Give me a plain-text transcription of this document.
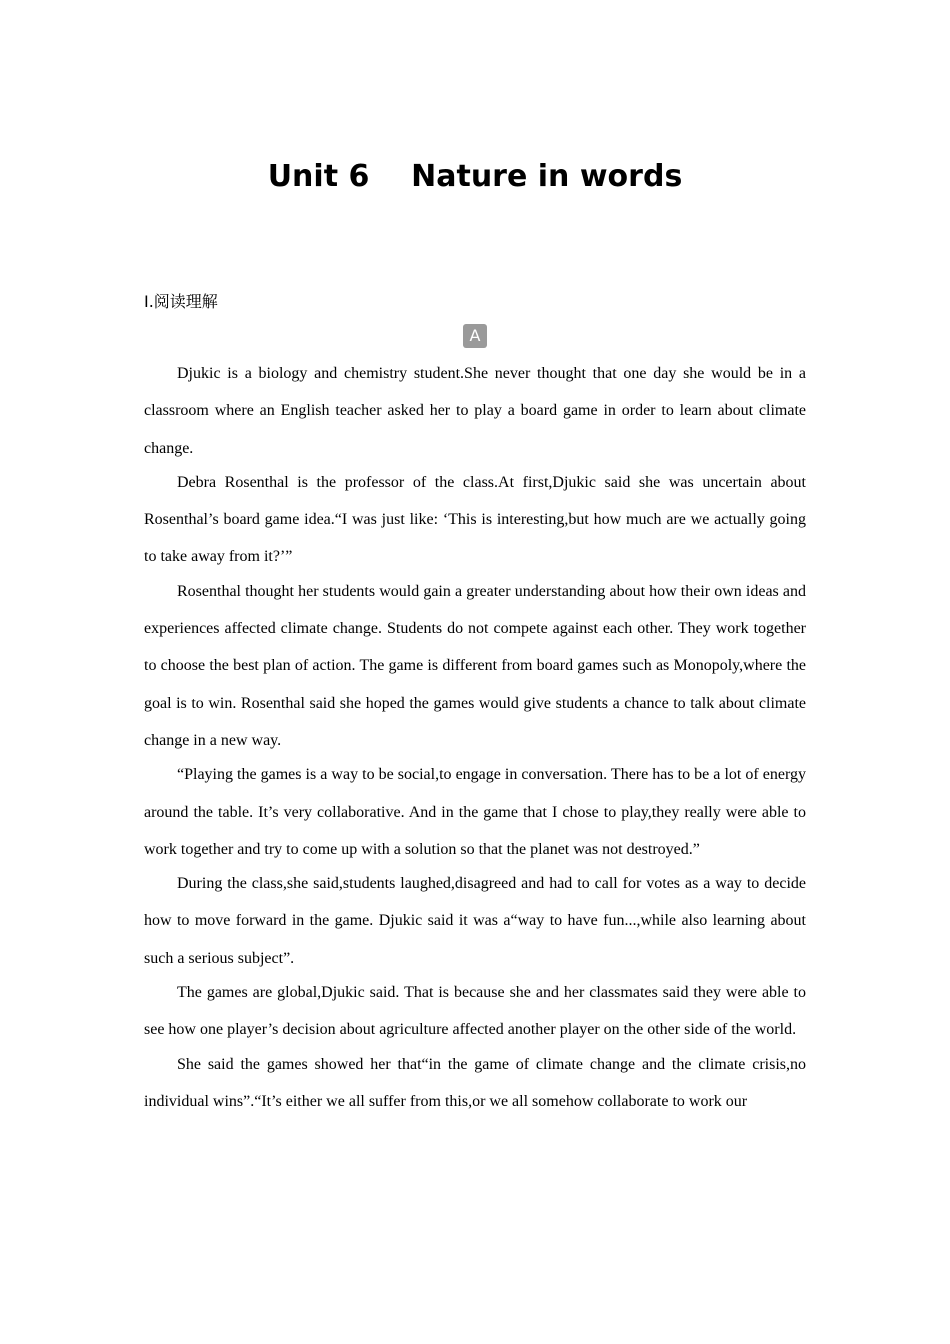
Unit 6    Nature in words
Ⅰ.阅读理解
A

Djukic is a biology and chemistry student.She never thought that one day she would be in a classroom where an English teacher asked her to play a board game in order to learn about climate change.

Debra Rosenthal is the professor of the class.At first,Djukic said she was uncertain about Rosenthal’s board game idea.“I was just like: ‘This is interesting,but how much are we actually going to take away from it?’”

Rosenthal thought her students would gain a greater understanding about how their own ideas and experiences affected climate change. Students do not compete against each other. They work together to choose the best plan of action. The game is different from board games such as Monopoly,where the goal is to win. Rosenthal said she hoped the games would give students a chance to talk about climate change in a new way.

“Playing the games is a way to be social,to engage in conversation. There has to be a lot of energy around the table. It’s very collaborative. And in the game that I chose to play,they really were able to work together and try to come up with a solution so that the planet was not destroyed.”

During the class,she said,students laughed,disagreed and had to call for votes as a way to decide how to move forward in the game. Djukic said it was a“way to have fun...,while also learning about such a serious subject”.

The games are global,Djukic said. That is because she and her classmates said they were able to see how one player’s decision about agriculture affected another player on the other side of the world.

She said the games showed her that“in the game of climate change and the climate crisis,no individual wins”.“It’s either we all suffer from this,or we all somehow collaborate to work our
